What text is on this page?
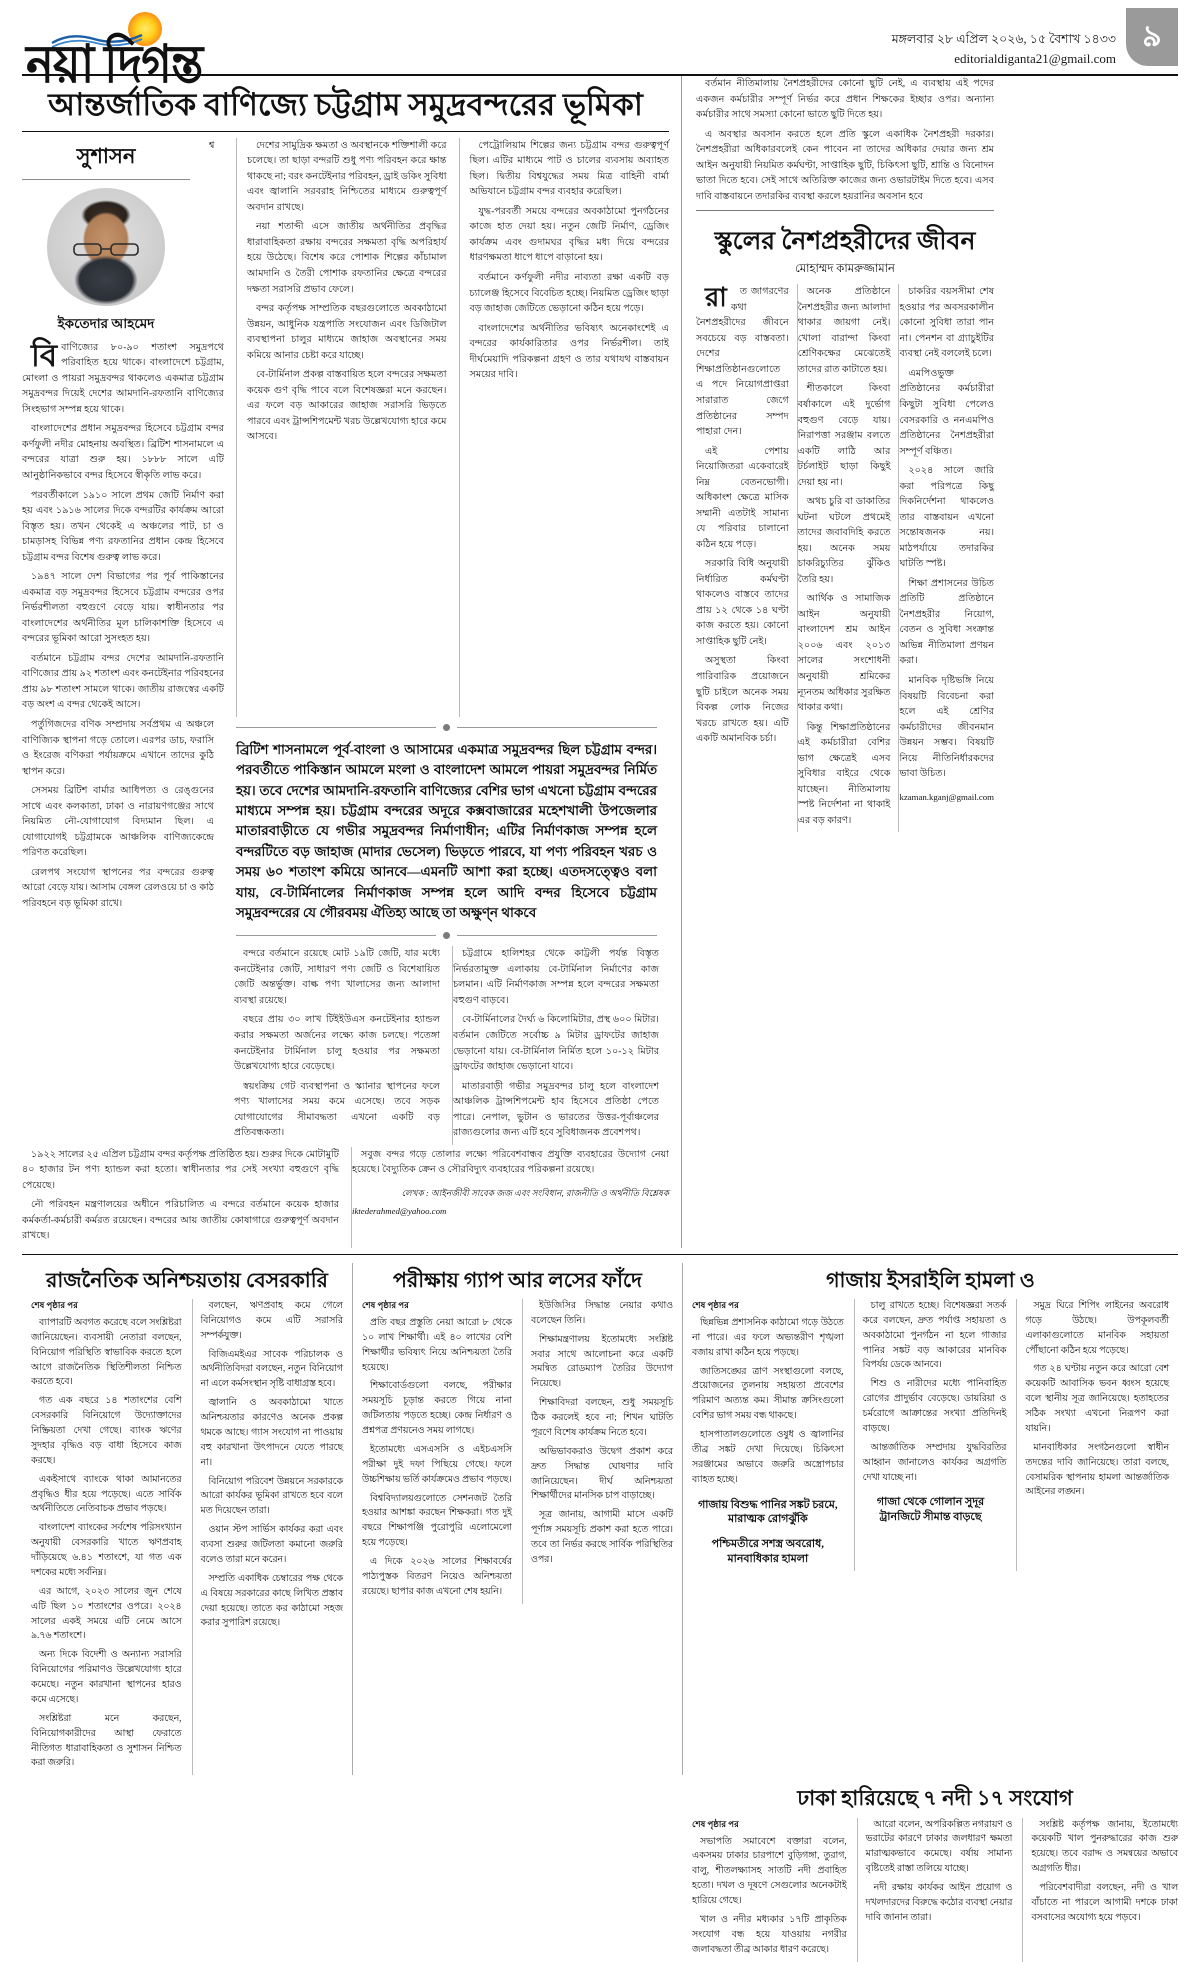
নয়া দিগন্ত	মঙ্গলবার ২৮ এপ্রিল ২০২৬, ১৫ বৈশাখ ১৪৩৩
editorialdiganta21@gmail.com
৯
আন্তর্জাতিক বাণিজ্যে চট্টগ্রাম সমুদ্রবন্দরের ভূমিকা
সুশাসন
ইকতেদার আহমেদ

বি
শ্ব বাণিজ্যের ৮০-৯০ শতাংশ সমুদ্রপথে পরিবাহিত হয়ে থাকে। বাংলাদেশে চট্টগ্রাম, মোংলা ও পায়রা সমুদ্রবন্দর থাকলেও একমাত্র চট্টগ্রাম সমুদ্রবন্দর দিয়েই দেশের আমদানি-রফতানি বাণিজ্যের সিংহভাগ সম্পন্ন হয়ে থাকে।

বাংলাদেশের প্রধান সমুদ্রবন্দর হিসেবে চট্টগ্রাম বন্দর কর্ণফুলী নদীর মোহনায় অবস্থিত। ব্রিটিশ শাসনামলে এ বন্দরের যাত্রা শুরু হয়। ১৮৮৮ সালে এটি আনুষ্ঠানিকভাবে বন্দর হিসেবে স্বীকৃতি লাভ করে।

পরবর্তীকালে ১৯১০ সালে প্রথম জেটি নির্মাণ করা হয় এবং ১৯১৬ সালের দিকে বন্দরটির কার্যক্রম আরো বিস্তৃত হয়। তখন থেকেই এ অঞ্চলের পাট, চা ও চামড়াসহ বিভিন্ন পণ্য রফতানির প্রধান কেন্দ্র হিসেবে চট্টগ্রাম বন্দর বিশেষ গুরুত্ব লাভ করে।

১৯৪৭ সালে দেশ বিভাগের পর পূর্ব পাকিস্তানের একমাত্র বড় সমুদ্রবন্দর হিসেবে চট্টগ্রাম বন্দরের ওপর নির্ভরশীলতা বহুগুণে বেড়ে যায়। স্বাধীনতার পর বাংলাদেশের অর্থনীতির মূল চালিকাশক্তি হিসেবে এ বন্দরের ভূমিকা আরো সুসংহত হয়।

বর্তমানে চট্টগ্রাম বন্দর দেশের আমদানি-রফতানি বাণিজ্যের প্রায় ৯২ শতাংশ এবং কনটেইনার পরিবহনের প্রায় ৯৮ শতাংশ সামলে থাকে। জাতীয় রাজস্বের একটি বড় অংশ এ বন্দর থেকেই আসে।

দেশের সামুদ্রিক ক্ষমতা ও অবস্থানকে শক্তিশালী করে চলেছে। তা ছাড়া বন্দরটি শুধু পণ্য পরিবহন করে ক্ষান্ত থাকছে না; বরং কনটেইনার পরিবহন, ড্রাই ডকিং সুবিধা এবং জ্বালানি সরবরাহ নিশ্চিতের মাধ্যমে গুরুত্বপূর্ণ অবদান রাখছে।

নয়া শতাব্দী এসে জাতীয় অর্থনীতির প্রবৃদ্ধির ধারাবাহিকতা রক্ষায় বন্দরের সক্ষমতা বৃদ্ধি অপরিহার্য হয়ে উঠেছে। বিশেষ করে পোশাক শিল্পের কাঁচামাল আমদানি ও তৈরী পোশাক রফতানির ক্ষেত্রে বন্দরের দক্ষতা সরাসরি প্রভাব ফেলে।

বন্দর কর্তৃপক্ষ সাম্প্রতিক বছরগুলোতে অবকাঠামো উন্নয়ন, আধুনিক যন্ত্রপাতি সংযোজন এবং ডিজিটাল ব্যবস্থাপনা চালুর মাধ্যমে জাহাজ অবস্থানের সময় কমিয়ে আনার চেষ্টা করে যাচ্ছে।

বে-টার্মিনাল প্রকল্প বাস্তবায়িত হলে বন্দরের সক্ষমতা কয়েক গুণ বৃদ্ধি পাবে বলে বিশেষজ্ঞরা মনে করছেন। এর ফলে বড় আকারের জাহাজ সরাসরি ভিড়তে পারবে এবং ট্রান্সশিপমেন্ট খরচ উল্লেখযোগ্য হারে কমে আসবে।

পেট্রোলিয়াম শিল্পের জন্য চট্টগ্রাম বন্দর গুরুত্বপূর্ণ ছিল। এটির মাধ্যমে পাট ও চালের ব্যবসায় অব্যাহত ছিল। দ্বিতীয় বিশ্বযুদ্ধের সময় মিত্র বাহিনী বার্মা অভিযানে চট্টগ্রাম বন্দর ব্যবহার করেছিল।

যুদ্ধ-পরবর্তী সময়ে বন্দরের অবকাঠামো পুনর্গঠনের কাজে হাত দেয়া হয়। নতুন জেটি নির্মাণ, ড্রেজিং কার্যক্রম এবং গুদামঘর বৃদ্ধির মধ্য দিয়ে বন্দরের ধারণক্ষমতা ধাপে ধাপে বাড়ানো হয়।

বর্তমানে কর্ণফুলী নদীর নাব্যতা রক্ষা একটি বড় চ্যালেঞ্জ হিসেবে বিবেচিত হচ্ছে। নিয়মিত ড্রেজিং ছাড়া বড় জাহাজ জেটিতে ভেড়ানো কঠিন হয়ে পড়ে।

বাংলাদেশের অর্থনীতির ভবিষ্যৎ অনেকাংশেই এ বন্দরের কার্যকারিতার ওপর নির্ভরশীল। তাই দীর্ঘমেয়াদি পরিকল্পনা গ্রহণ ও তার যথাযথ বাস্তবায়ন সময়ের দাবি।

পর্তুগিজদের বণিক সম্প্রদায় সর্বপ্রথম এ অঞ্চলে বাণিজ্যিক স্থাপনা গড়ে তোলে। এরপর ডাচ, ফরাসি ও ইংরেজ বণিকরা পর্যায়ক্রমে এখানে তাদের কুঠি স্থাপন করে।

সেসময় ব্রিটিশ বার্মার আধিপত্য ও রেঙ্গুনের সাথে এবং কলকাতা, ঢাকা ও নারায়ণগঞ্জের সাথে নিয়মিত নৌ-যোগাযোগ বিদ্যমান ছিল। এ যোগাযোগই চট্টগ্রামকে আঞ্চলিক বাণিজ্যকেন্দ্রে পরিণত করেছিল।

রেলপথ সংযোগ স্থাপনের পর বন্দরের গুরুত্ব আরো বেড়ে যায়। আসাম বেঙ্গল রেলওয়ে চা ও কাঠ পরিবহনে বড় ভূমিকা রাখে।

ব্রিটিশ শাসনামলে পূর্ব-বাংলা ও আসামের একমাত্র সমুদ্রবন্দর ছিল চট্টগ্রাম বন্দর। পরবর্তীতে পাকিস্তান আমলে মংলা ও বাংলাদেশ আমলে পায়রা সমুদ্রবন্দর নির্মিত হয়। তবে দেশের আমদানি-রফতানি বাণিজ্যের বেশির ভাগ এখনো চট্টগ্রাম বন্দরের মাধ্যমে সম্পন্ন হয়। চট্টগ্রাম বন্দরের অদূরে কক্সবাজারের মহেশখালী উপজেলার মাতারবাড়ীতে যে গভীর সমুদ্রবন্দর নির্মাণাধীন; এটির নির্মাণকাজ সম্পন্ন হলে বন্দরটিতে বড় জাহাজ (মাদার ভেসেল) ভিড়তে পারবে, যা পণ্য পরিবহন খরচ ও সময় ৬০ শতাংশ কমিয়ে আনবে—এমনটি আশা করা হচ্ছে। এতদসত্ত্বেও বলা যায়, বে-টার্মিনালের নির্মাণকাজ সম্পন্ন হলে আদি বন্দর হিসেবে চট্টগ্রাম সমুদ্রবন্দরের যে গৌরবময় ঐতিহ্য আছে তা অক্ষুণ্ন থাকবে

বন্দরে বর্তমানে রয়েছে মোট ১৯টি জেটি, যার মধ্যে কনটেইনার জেটি, সাধারণ পণ্য জেটি ও বিশেষায়িত জেটি অন্তর্ভুক্ত। বাল্ক পণ্য খালাসের জন্য আলাদা ব্যবস্থা রয়েছে।

বছরে প্রায় ৩০ লাখ টিইইউএস কনটেইনার হ্যান্ডল করার সক্ষমতা অর্জনের লক্ষ্যে কাজ চলছে। পতেঙ্গা কনটেইনার টার্মিনাল চালু হওয়ার পর সক্ষমতা উল্লেখযোগ্য হারে বেড়েছে।

স্বয়ংক্রিয় গেট ব্যবস্থাপনা ও স্ক্যানার স্থাপনের ফলে পণ্য খালাসের সময় কমে এসেছে। তবে সড়ক যোগাযোগের সীমাবদ্ধতা এখনো একটি বড় প্রতিবন্ধকতা।

চট্টগ্রামে হালিশহর থেকে কাট্টলী পর্যন্ত বিস্তৃত নির্ভরতামুক্ত এলাকায় বে-টার্মিনাল নির্মাণের কাজ চলমান। এটি নির্মাণকাজ সম্পন্ন হলে বন্দরের সক্ষমতা বহুগুণ বাড়বে।

বে-টার্মিনালের দৈর্ঘ্য ৬ কিলোমিটার, প্রস্থ ৬০০ মিটার। বর্তমান জেটিতে সর্বোচ্চ ৯ মিটার ড্রাফটের জাহাজ ভেড়ানো যায়। বে-টার্মিনাল নির্মিত হলে ১০-১২ মিটার ড্রাফটের জাহাজ ভেড়ানো যাবে।

মাতারবাড়ী গভীর সমুদ্রবন্দর চালু হলে বাংলাদেশ আঞ্চলিক ট্রান্সশিপমেন্ট হাব হিসেবে প্রতিষ্ঠা পেতে পারে। নেপাল, ভুটান ও ভারতের উত্তর-পূর্বাঞ্চলের রাজ্যগুলোর জন্য এটি হবে সুবিধাজনক প্রবেশপথ।

১৯২২ সালের ২৫ এপ্রিল চট্টগ্রাম বন্দর কর্তৃপক্ষ প্রতিষ্ঠিত হয়। শুরুর দিকে মোটামুটি ৪০ হাজার টন পণ্য হ্যান্ডল করা হতো। স্বাধীনতার পর সেই সংখ্যা বহুগুণে বৃদ্ধি পেয়েছে।

নৌ পরিবহন মন্ত্রণালয়ের অধীনে পরিচালিত এ বন্দরে বর্তমানে কয়েক হাজার কর্মকর্তা-কর্মচারী কর্মরত রয়েছেন। বন্দরের আয় জাতীয় কোষাগারে গুরুত্বপূর্ণ অবদান রাখছে।

সবুজ বন্দর গড়ে তোলার লক্ষ্যে পরিবেশবান্ধব প্রযুক্তি ব্যবহারের উদ্যোগ নেয়া হয়েছে। বৈদ্যুতিক ক্রেন ও সৌরবিদ্যুৎ ব্যবহারের পরিকল্পনা রয়েছে।

লেখক : আইনজীবী সাবেক জজ এবং সংবিধান, রাজনীতি ও অর্থনীতি বিশ্লেষক
iktederahmed@yahoo.com

বর্তমান নীতিমালায় নৈশপ্রহরীদের কোনো ছুটি নেই, এ ব্যবস্থায় এই পদের একজন কর্মচারীর সম্পূর্ণ নির্ভর করে প্রধান শিক্ষকের ইচ্ছার ওপর। অন্যান্য কর্মচারীর সাথে সমস্যা কোনো ভাতে ছুটি দিতে হয়।

এ অবস্থার অবসান করতে হলে প্রতি স্কুলে একাধিক নৈশপ্রহরী দরকার। নৈশপ্রহরীরা অধিকারবলেই কেন পাবেন না তাদের অধিকার দেয়ার জন্য শ্রম আইন অনুযায়ী নিয়মিত কর্মঘণ্টা, সাপ্তাহিক ছুটি, চিকিৎসা ছুটি, শ্রান্তি ও বিনোদন ভাতা দিতে হবে। সেই সাথে অতিরিক্ত কাজের জন্য ওভারটাইম দিতে হবে। এসব দাবি বাস্তবায়নে তদারকির ব্যবস্থা করলে হয়রানির অবসান হবে

স্কুলের নৈশপ্রহরীদের জীবন
মোহাম্মদ কামরুজ্জামান

রা	ত জাগরণের কথা নৈশপ্রহরীদের জীবনে সবচেয়ে বড় বাস্তবতা। দেশের শিক্ষাপ্রতিষ্ঠানগুলোতে এ পদে নিয়োগপ্রাপ্তরা সারারাত জেগে প্রতিষ্ঠানের সম্পদ পাহারা দেন।

এই পেশায় নিয়োজিতরা একেবারেই নিম্ন বেতনভোগী। অধিকাংশ ক্ষেত্রে মাসিক সম্মানী এতটাই সামান্য যে পরিবার চালানো কঠিন হয়ে পড়ে।

সরকারি বিধি অনুযায়ী নির্ধারিত কর্মঘণ্টা থাকলেও বাস্তবে তাদের প্রায় ১২ থেকে ১৪ ঘণ্টা কাজ করতে হয়। কোনো সাপ্তাহিক ছুটি নেই।

অসুস্থতা কিংবা পারিবারিক প্রয়োজনে ছুটি চাইলে অনেক সময় বিকল্প লোক নিজের খরচে রাখতে হয়। এটি একটি অমানবিক চর্চা।

অনেক প্রতিষ্ঠানে নৈশপ্রহরীর জন্য আলাদা থাকার জায়গা নেই। খোলা বারান্দা কিংবা শ্রেণিকক্ষের মেঝেতেই তাদের রাত কাটাতে হয়।

শীতকালে কিংবা বর্ষাকালে এই দুর্ভোগ বহুগুণ বেড়ে যায়। নিরাপত্তা সরঞ্জাম বলতে একটি লাঠি আর টর্চলাইট ছাড়া কিছুই দেয়া হয় না।

অথচ চুরি বা ডাকাতির ঘটনা ঘটলে প্রথমেই তাদের জবাবদিহি করতে হয়। অনেক সময় চাকরিচ্যুতির ঝুঁকিও তৈরি হয়।

আর্থিক ও সামাজিক আইন অনুযায়ী বাংলাদেশ শ্রম আইন ২০০৬ এবং ২০১৩ সালের সংশোধনী অনুযায়ী শ্রমিকের ন্যূনতম অধিকার সুরক্ষিত থাকার কথা।

কিন্তু শিক্ষাপ্রতিষ্ঠানের এই কর্মচারীরা বেশির ভাগ ক্ষেত্রেই এসব সুবিধার বাইরে থেকে যাচ্ছেন। নীতিমালায় স্পষ্ট নির্দেশনা না থাকাই এর বড় কারণ।

চাকরির বয়সসীমা শেষ হওয়ার পর অবসরকালীন কোনো সুবিধা তারা পান না। পেনশন বা গ্র্যাচুইটির ব্যবস্থা নেই বললেই চলে।

এমপিওভুক্ত প্রতিষ্ঠানের কর্মচারীরা কিছুটা সুবিধা পেলেও বেসরকারি ও ননএমপিও প্রতিষ্ঠানের নৈশপ্রহরীরা সম্পূর্ণ বঞ্চিত।

২০২৪ সালে জারি করা পরিপত্রে কিছু দিকনির্দেশনা থাকলেও তার বাস্তবায়ন এখনো সন্তোষজনক নয়। মাঠপর্যায়ে তদারকির ঘাটতি স্পষ্ট।

শিক্ষা প্রশাসনের উচিত প্রতিটি প্রতিষ্ঠানে নৈশপ্রহরীর নিয়োগ, বেতন ও সুবিধা সংক্রান্ত অভিন্ন নীতিমালা প্রণয়ন করা।

মানবিক দৃষ্টিভঙ্গি নিয়ে বিষয়টি বিবেচনা করা হলে এই শ্রেণির কর্মচারীদের জীবনমান উন্নয়ন সম্ভব। বিষয়টি নিয়ে নীতিনির্ধারকদের ভাবা উচিত।

kzaman.kganj@gmail.com
রাজনৈতিক অনিশ্চয়তায় বেসরকারি
শেষ পৃষ্ঠার পর

ব্যাপারটি অবগত করেছে বলে সংশ্লিষ্টরা জানিয়েছেন। ব্যবসায়ী নেতারা বলছেন, বিনিয়োগ পরিস্থিতি স্বাভাবিক করতে হলে আগে রাজনৈতিক স্থিতিশীলতা নিশ্চিত করতে হবে।

গত এক বছরে ১৪ শতাংশের বেশি বেসরকারি বিনিয়োগে উদ্যোক্তাদের নিষ্ক্রিয়তা দেখা গেছে। ব্যাংক ঋণের সুদহার বৃদ্ধিও বড় বাধা হিসেবে কাজ করছে।

একইসাথে ব্যাংকে থাকা আমানতের প্রবৃদ্ধিও ধীর হয়ে পড়েছে। এতে সার্বিক অর্থনীতিতে নেতিবাচক প্রভাব পড়ছে।

বাংলাদেশ ব্যাংকের সর্বশেষ পরিসংখ্যান অনুযায়ী বেসরকারি খাতে ঋণপ্রবাহ দাঁড়িয়েছে ৬.৪১ শতাংশে, যা গত এক দশকের মধ্যে সর্বনিম্ন।

এর আগে, ২০২৩ সালের জুন শেষে এটি ছিল ১০ শতাংশের ওপরে। ২০২৪ সালের একই সময়ে এটি নেমে আসে ৯.৭৬ শতাংশে।

অন্য দিকে বিদেশী ও অন্যান্য সরাসরি বিনিয়োগের পরিমাণও উল্লেখযোগ্য হারে কমেছে। নতুন কারখানা স্থাপনের হারও কমে এসেছে।

সংশ্লিষ্টরা মনে করছেন, বিনিয়োগকারীদের আস্থা ফেরাতে নীতিগত ধারাবাহিকতা ও সুশাসন নিশ্চিত করা জরুরি।

বলছেন, ঋণপ্রবাহ কমে গেলে বিনিয়োগও কমে এটি সরাসরি সম্পর্কযুক্ত।

বিজিএমইএর সাবেক পরিচালক ও অর্থনীতিবিদরা বলছেন, নতুন বিনিয়োগ না এলে কর্মসংস্থান সৃষ্টি বাধাগ্রস্ত হবে।

জ্বালানি ও অবকাঠামো খাতে অনিশ্চয়তার কারণেও অনেক প্রকল্প থমকে আছে। গ্যাস সংযোগ না পাওয়ায় বহু কারখানা উৎপাদনে যেতে পারছে না।

বিনিয়োগ পরিবেশ উন্নয়নে সরকারকে আরো কার্যকর ভূমিকা রাখতে হবে বলে মত দিয়েছেন তারা।

ওয়ান স্টপ সার্ভিস কার্যকর করা এবং ব্যবসা শুরুর জটিলতা কমানো জরুরি বলেও তারা মনে করেন।

সম্প্রতি একাধিক চেম্বারের পক্ষ থেকে এ বিষয়ে সরকারের কাছে লিখিত প্রস্তাব দেয়া হয়েছে। তাতে কর কাঠামো সহজ করার সুপারিশ রয়েছে।

পরীক্ষায় গ্যাপ আর লসের ফাঁদে
শেষ পৃষ্ঠার পর

প্রতি বছর প্রস্তুতি নেয়া আরো ৮ থেকে ১০ লাখ শিক্ষার্থী। এই ৪০ লাখের বেশি শিক্ষার্থীর ভবিষ্যৎ নিয়ে অনিশ্চয়তা তৈরি হয়েছে।

শিক্ষাবোর্ডগুলো বলছে, পরীক্ষার সময়সূচি চূড়ান্ত করতে গিয়ে নানা জটিলতায় পড়তে হচ্ছে। কেন্দ্র নির্ধারণ ও প্রশ্নপত্র প্রণয়নেও সময় লাগছে।

ইতোমধ্যে এসএসসি ও এইচএসসি পরীক্ষা দুই দফা পিছিয়ে গেছে। ফলে উচ্চশিক্ষায় ভর্তি কার্যক্রমেও প্রভাব পড়ছে।

বিশ্ববিদ্যালয়গুলোতে সেশনজট তৈরি হওয়ার আশঙ্কা করছেন শিক্ষকরা। গত দুই বছরে শিক্ষাপঞ্জি পুরোপুরি এলোমেলো হয়ে পড়েছে।

এ দিকে ২০২৬ সালের শিক্ষাবর্ষের পাঠ্যপুস্তক বিতরণ নিয়েও অনিশ্চয়তা রয়েছে। ছাপার কাজ এখনো শেষ হয়নি।

ইউজিসির সিদ্ধান্ত নেয়ার কথাও বলেছেন তিনি।

শিক্ষামন্ত্রণালয় ইতোমধ্যে সংশ্লিষ্ট সবার সাথে আলোচনা করে একটি সমন্বিত রোডম্যাপ তৈরির উদ্যোগ নিয়েছে।

শিক্ষাবিদরা বলছেন, শুধু সময়সূচি ঠিক করলেই হবে না; শিখন ঘাটতি পূরণে বিশেষ কার্যক্রম নিতে হবে।

অভিভাবকরাও উদ্বেগ প্রকাশ করে দ্রুত সিদ্ধান্ত ঘোষণার দাবি জানিয়েছেন। দীর্ঘ অনিশ্চয়তা শিক্ষার্থীদের মানসিক চাপ বাড়াচ্ছে।

সূত্র জানায়, আগামী মাসে একটি পূর্ণাঙ্গ সময়সূচি প্রকাশ করা হতে পারে। তবে তা নির্ভর করছে সার্বিক পরিস্থিতির ওপর।

গাজায় ইসরাইলি হামলা ও
শেষ পৃষ্ঠার পর

ছিন্নভিন্ন প্রশাসনিক কাঠামো গড়ে উঠতে না পারে। এর ফলে অভ্যন্তরীণ শৃঙ্খলা বজায় রাখা কঠিন হয়ে পড়ছে।

জাতিসঙ্ঘের ত্রাণ সংস্থাগুলো বলছে, প্রয়োজনের তুলনায় সহায়তা প্রবেশের পরিমাণ অত্যন্ত কম। সীমান্ত ক্রসিংগুলো বেশির ভাগ সময় বন্ধ থাকছে।

হাসপাতালগুলোতে ওষুধ ও জ্বালানির তীব্র সঙ্কট দেখা দিয়েছে। চিকিৎসা সরঞ্জামের অভাবে জরুরি অস্ত্রোপচার ব্যাহত হচ্ছে।

গাজায় বিশুদ্ধ পানির সঙ্কট চরমে, মারাত্মক রোগঝুঁকি
পশ্চিমতীরে সশস্ত্র অবরোধ, মানবাধিকার হামলা

চালু রাখতে হচ্ছে। বিশেষজ্ঞরা সতর্ক করে বলছেন, দ্রুত পর্যাপ্ত সহায়তা ও অবকাঠামো পুনর্গঠন না হলে গাজার পানির সঙ্কট বড় আকারের মানবিক বিপর্যয় ডেকে আনবে।

শিশু ও নারীদের মধ্যে পানিবাহিত রোগের প্রাদুর্ভাব বেড়েছে। ডায়রিয়া ও চর্মরোগে আক্রান্তের সংখ্যা প্রতিদিনই বাড়ছে।

আন্তর্জাতিক সম্প্রদায় যুদ্ধবিরতির আহ্বান জানালেও কার্যকর অগ্রগতি দেখা যাচ্ছে না।

গাজা থেকে গোলান সুদূর ট্রানজিটে সীমান্ত বাড়ছে

সমুদ্র ঘিরে শিপিং লাইনের অবরোধ গড়ে উঠছে। উপকূলবর্তী এলাকাগুলোতে মানবিক সহায়তা পৌঁছানো কঠিন হয়ে পড়েছে।

গত ২৪ ঘণ্টায় নতুন করে আরো বেশ কয়েকটি আবাসিক ভবন ধ্বংস হয়েছে বলে স্থানীয় সূত্র জানিয়েছে। হতাহতের সঠিক সংখ্যা এখনো নিরূপণ করা যায়নি।

মানবাধিকার সংগঠনগুলো স্বাধীন তদন্তের দাবি জানিয়েছে। তারা বলছে, বেসামরিক স্থাপনায় হামলা আন্তর্জাতিক আইনের লঙ্ঘন।

ঢাকা হারিয়েছে ৭ নদী ১৭ সংযোগ
শেষ পৃষ্ঠার পর

সভাপতি সমাবেশে বক্তারা বলেন, একসময় ঢাকার চারপাশে বুড়িগঙ্গা, তুরাগ, বালু, শীতলক্ষ্যাসহ সাতটি নদী প্রবাহিত হতো। দখল ও দূষণে সেগুলোর অনেকটাই হারিয়ে গেছে।

খাল ও নদীর মধ্যকার ১৭টি প্রাকৃতিক সংযোগ বন্ধ হয়ে যাওয়ায় নগরীর জলাবদ্ধতা তীব্র আকার ধারণ করেছে।

আরো বলেন, অপরিকল্পিত নগরায়ণ ও ভরাটের কারণে ঢাকার জলধারণ ক্ষমতা মারাত্মকভাবে কমেছে। বর্ষায় সামান্য বৃষ্টিতেই রাস্তা তলিয়ে যাচ্ছে।

নদী রক্ষায় কার্যকর আইন প্রয়োগ ও দখলদারদের বিরুদ্ধে কঠোর ব্যবস্থা নেয়ার দাবি জানান তারা।

সংশ্লিষ্ট কর্তৃপক্ষ জানায়, ইতোমধ্যে কয়েকটি খাল পুনরুদ্ধারের কাজ শুরু হয়েছে। তবে বরাদ্দ ও সমন্বয়ের অভাবে অগ্রগতি ধীর।

পরিবেশবাদীরা বলছেন, নদী ও খাল বাঁচাতে না পারলে আগামী দশকে ঢাকা বসবাসের অযোগ্য হয়ে পড়বে।
